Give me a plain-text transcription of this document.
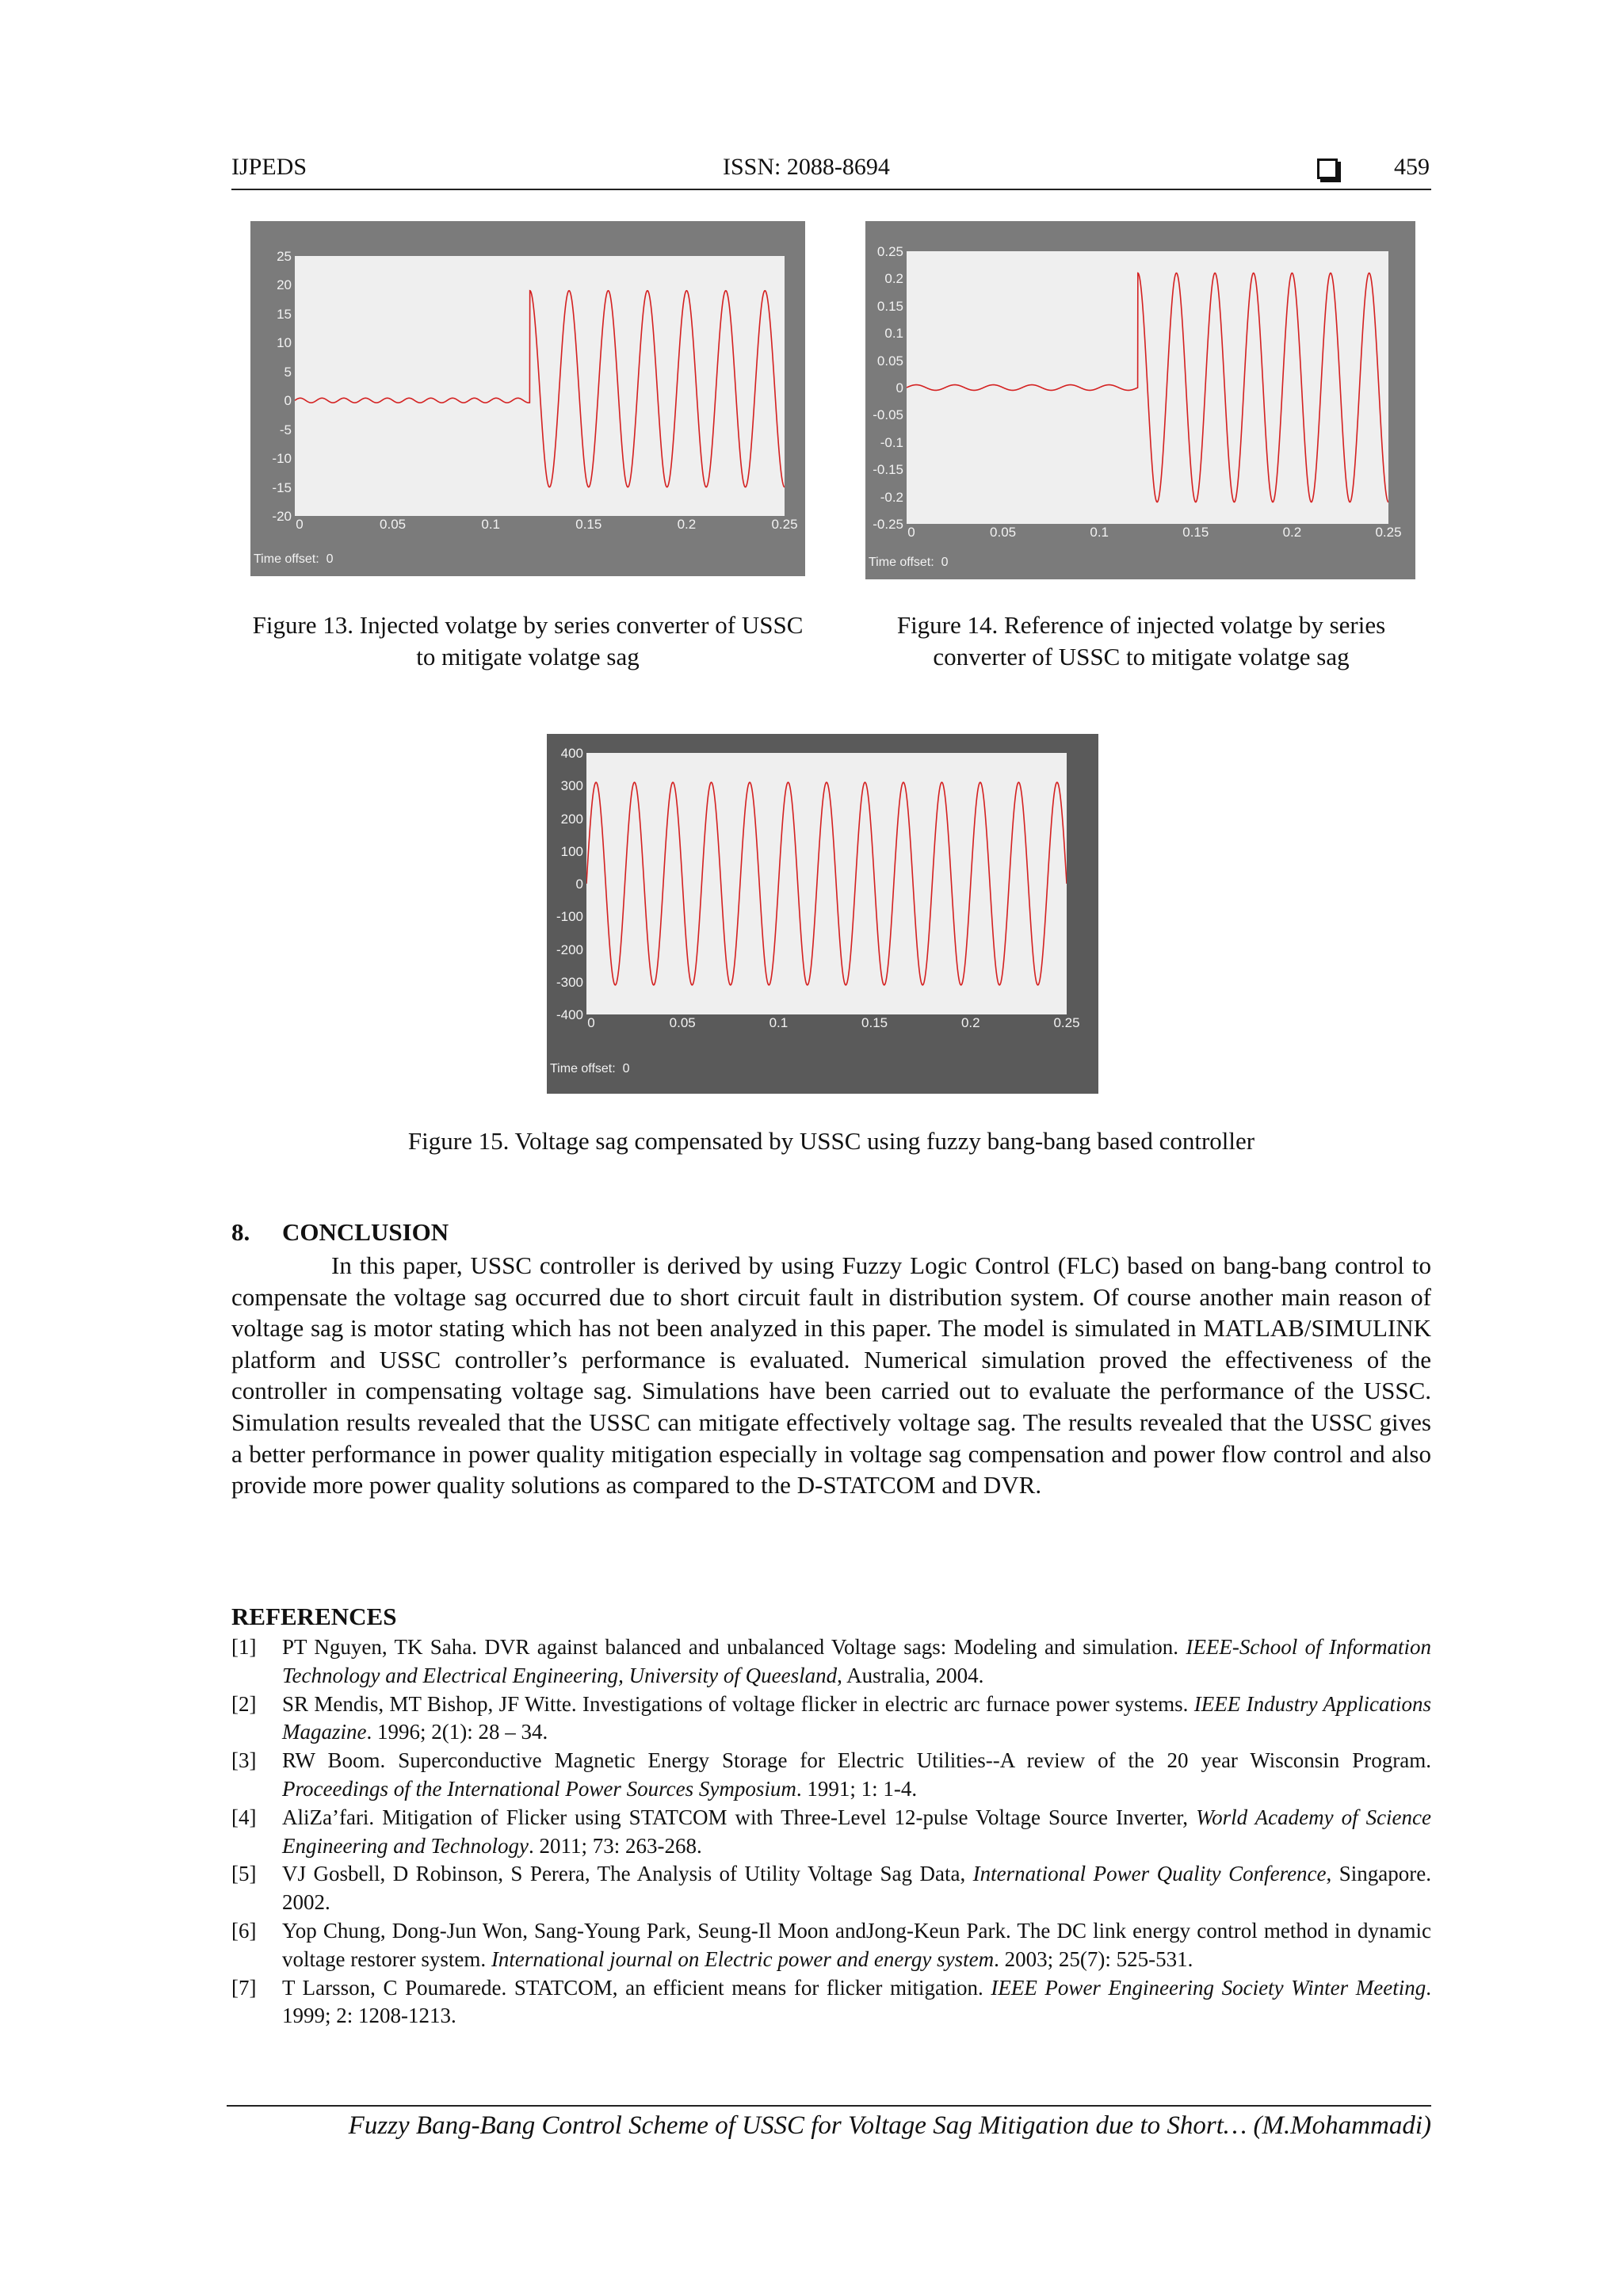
IJPEDS	ISSN: 2088-8694	459
Time offset: 0
25
20
15
10
5
0
-5
-10
-15
-20
0	0.05	0.1	0.15	0.2	0.25
Time offset: 0
0.25
0.2
0.15
0.1
0.05
0
-0.05
-0.1
-0.15
-0.2
-0.25
0	0.05	0.1	0.15	0.2	0.25
Figure 13. Injected volatge by series converter of USSC to mitigate volatge sag
Figure 14. Reference of injected volatge by series converter of USSC to mitigate volatge sag
Time offset: 0
400
300
200
100
0
-100
-200
-300
-400
0	0.05	0.1	0.15	0.2	0.25
Figure 15. Voltage sag compensated by USSC using fuzzy bang-bang based controller
8. CONCLUSION
In this paper, USSC controller is derived by using Fuzzy Logic Control (FLC) based on bang-bang control to compensate the voltage sag occurred due to short circuit fault in distribution system. Of course another main reason of voltage sag is motor stating which has not been analyzed in this paper. The model is simulated in MATLAB/SIMULINK platform and USSC controller’s performance is evaluated. Numerical simulation proved the effectiveness of the controller in compensating voltage sag. Simulations have been carried out to evaluate the performance of the USSC. Simulation results revealed that the USSC can mitigate effectively voltage sag. The results revealed that the USSC gives a better performance in power quality mitigation especially in voltage sag compensation and power flow control and also provide more power quality solutions as compared to the D-STATCOM and DVR.
REFERENCES
[1] PT Nguyen, TK Saha. DVR against balanced and unbalanced Voltage sags: Modeling and simulation. IEEE-School of Information Technology and Electrical Engineering, University of Queesland, Australia, 2004.
[2] SR Mendis, MT Bishop, JF Witte. Investigations of voltage flicker in electric arc furnace power systems. IEEE Industry Applications Magazine. 1996; 2(1): 28 – 34.
[3] RW Boom. Superconductive Magnetic Energy Storage for Electric Utilities--A review of the 20 year Wisconsin Program. Proceedings of the International Power Sources Symposium. 1991; 1: 1-4.
[4] AliZa’fari. Mitigation of Flicker using STATCOM with Three-Level 12-pulse Voltage Source Inverter, World Academy of Science Engineering and Technology. 2011; 73: 263-268.
[5] VJ Gosbell, D Robinson, S Perera, The Analysis of Utility Voltage Sag Data, International Power Quality Conference, Singapore. 2002.
[6] Yop Chung, Dong-Jun Won, Sang-Young Park, Seung-Il Moon andJong-Keun Park. The DC link energy control method in dynamic voltage restorer system. International journal on Electric power and energy system. 2003; 25(7): 525-531.
[7] T Larsson, C Poumarede. STATCOM, an efficient means for flicker mitigation. IEEE Power Engineering Society Winter Meeting. 1999; 2: 1208-1213.
Fuzzy Bang-Bang Control Scheme of USSC for Voltage Sag Mitigation due to Short… (M.Mohammadi)
